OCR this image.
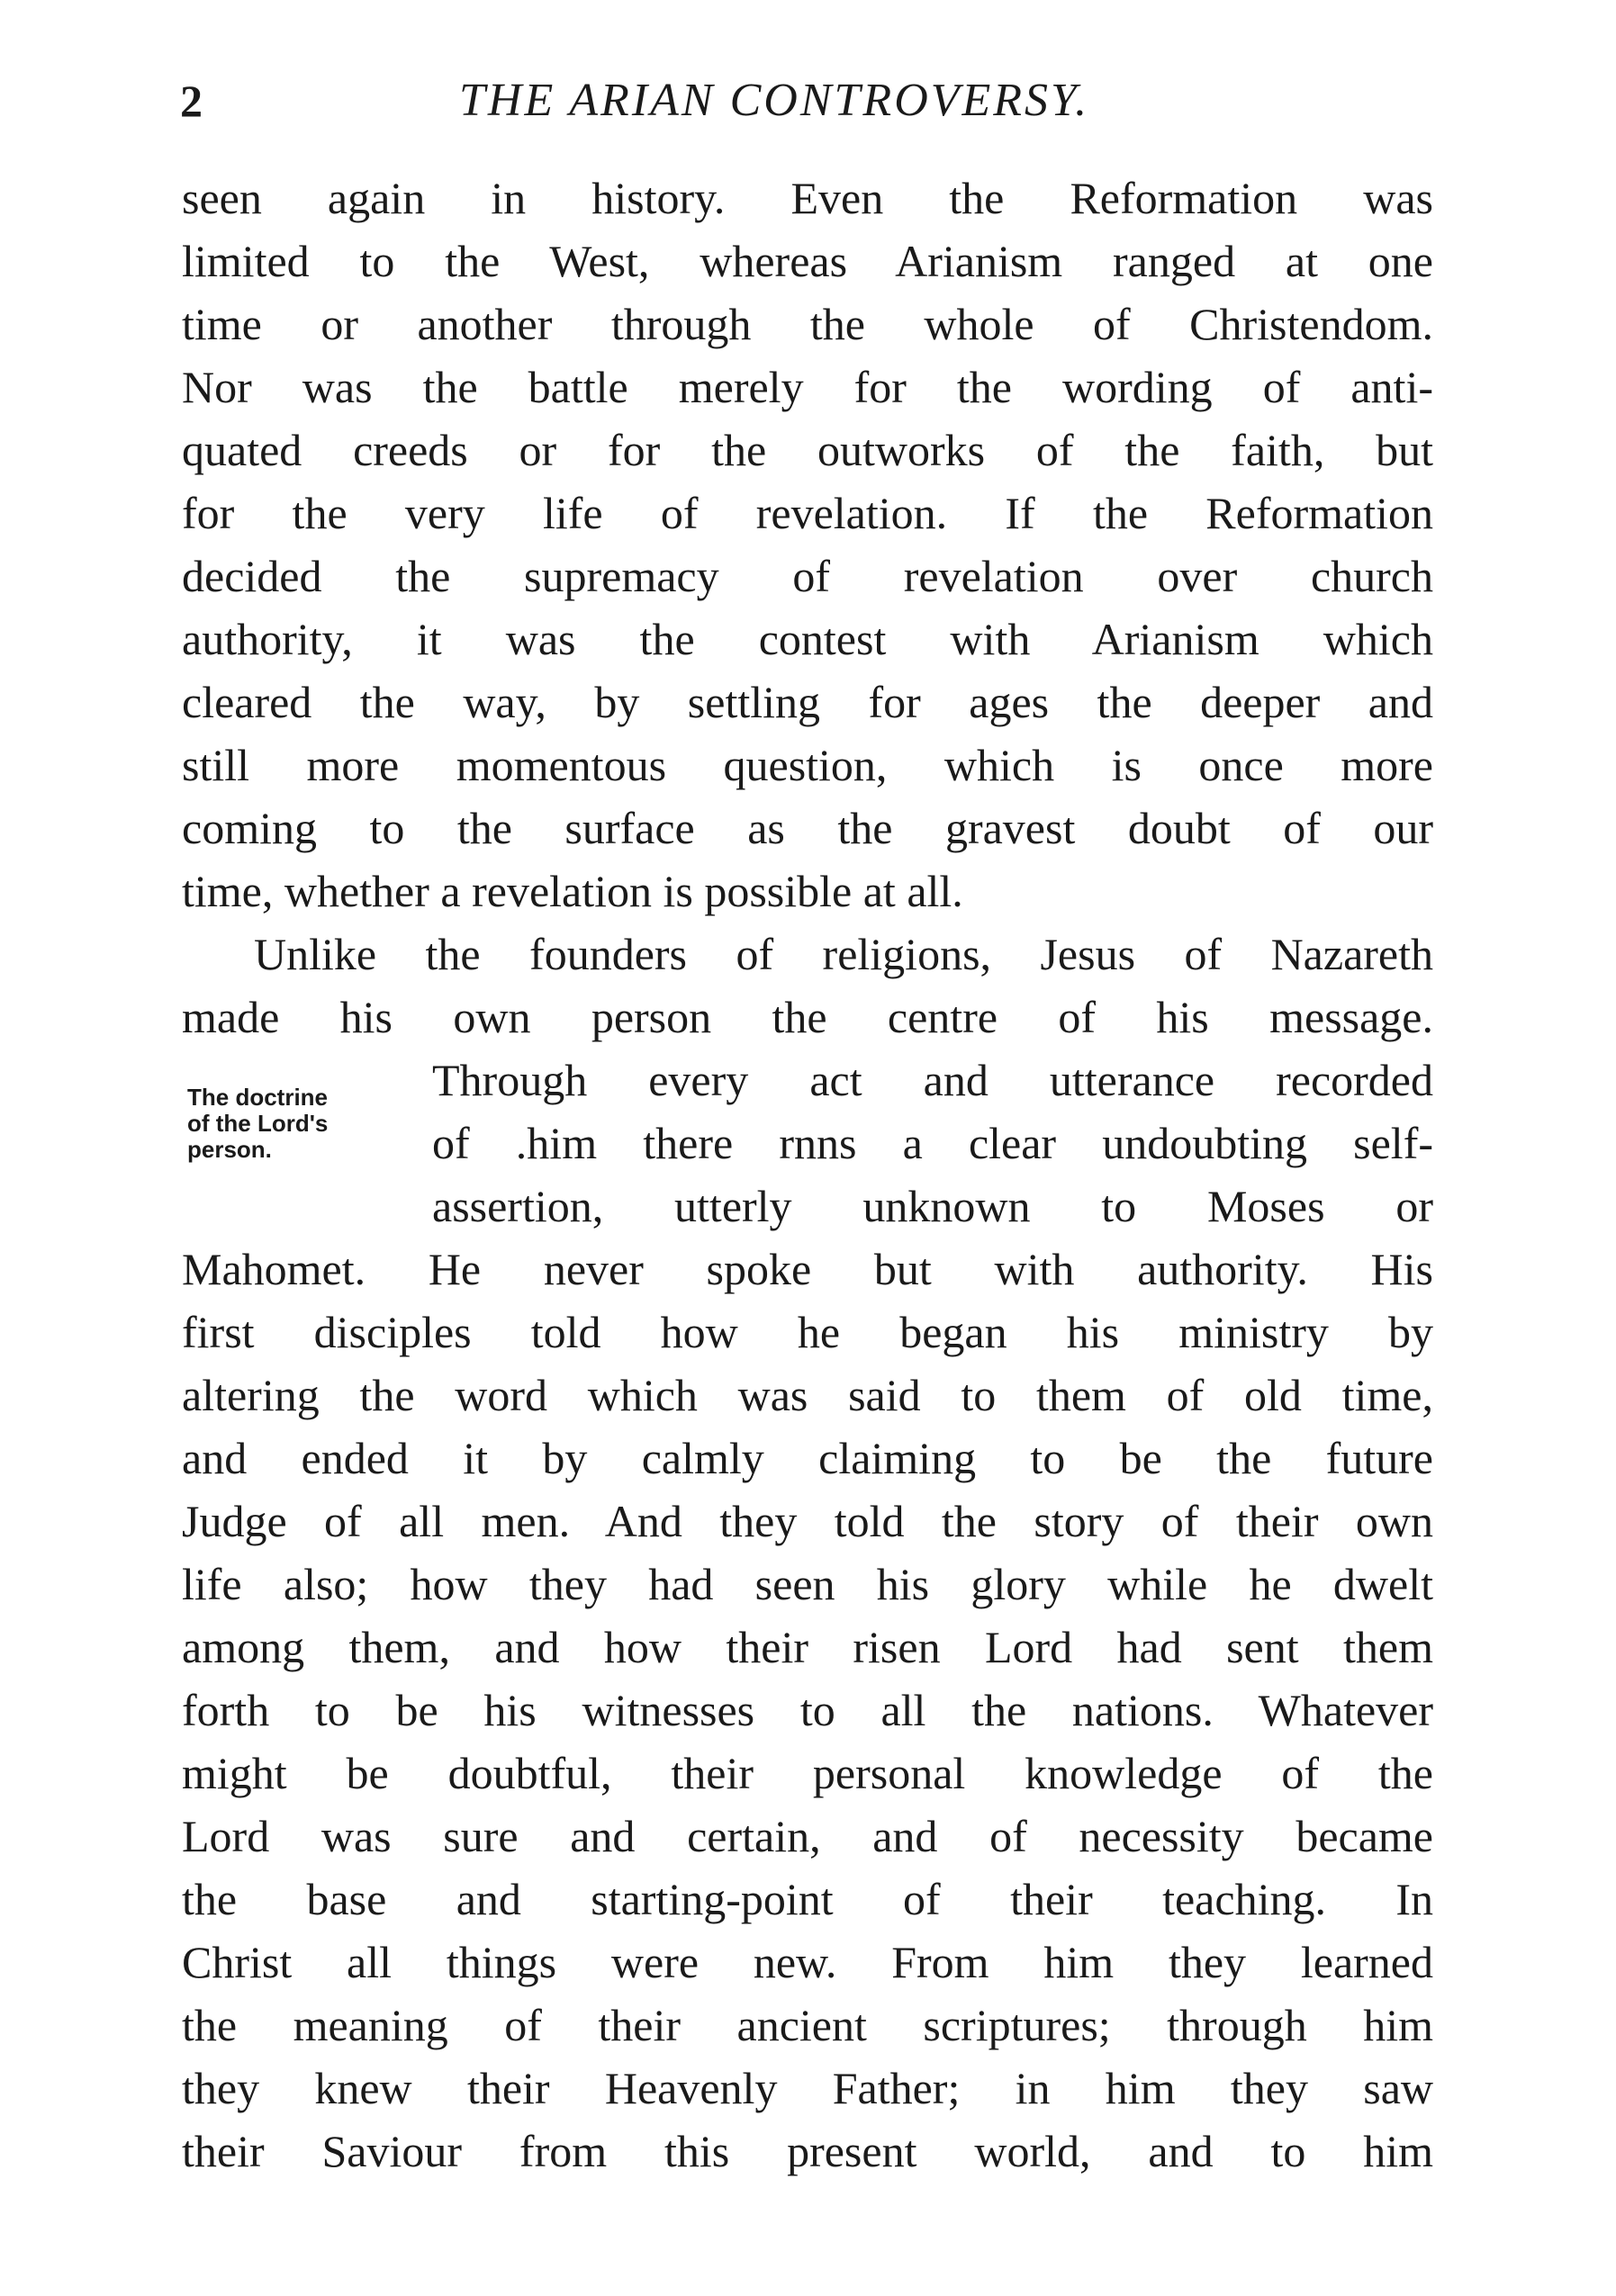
2	THE ARIAN CONTROVERSY.
seen again in history. Even the Reformation was
limited to the West, whereas Arianism ranged at one
time or another through the whole of Christendom.
Nor was the battle merely for the wording of anti-
quated creeds or for the outworks of the faith, but
for the very life of revelation. If the Reformation
decided the supremacy of revelation over church
authority, it was the contest with Arianism which
cleared the way, by settling for ages the deeper and
still more momentous question, which is once more
coming to the surface as the gravest doubt of our
time, whether a revelation is possible at all.
Unlike the founders of religions, Jesus of Nazareth
made his own person the centre of his message.
The doctrine
of the Lord's
person.
Through every act and utterance recorded
of .him there rnns a clear undoubting self-
assertion, utterly unknown to Moses or
Mahomet. He never spoke but with authority. His
first disciples told how he began his ministry by
altering the word which was said to them of old time,
and ended it by calmly claiming to be the future
Judge of all men. And they told the story of their own
life also; how they had seen his glory while he dwelt
among them, and how their risen Lord had sent them
forth to be his witnesses to all the nations. Whatever
might be doubtful, their personal knowledge of the
Lord was sure and certain, and of necessity became
the base and starting-point of their teaching. In
Christ all things were new. From him they learned
the meaning of their ancient scriptures; through him
they knew their Heavenly Father; in him they saw
their Saviour from this present world, and to him
